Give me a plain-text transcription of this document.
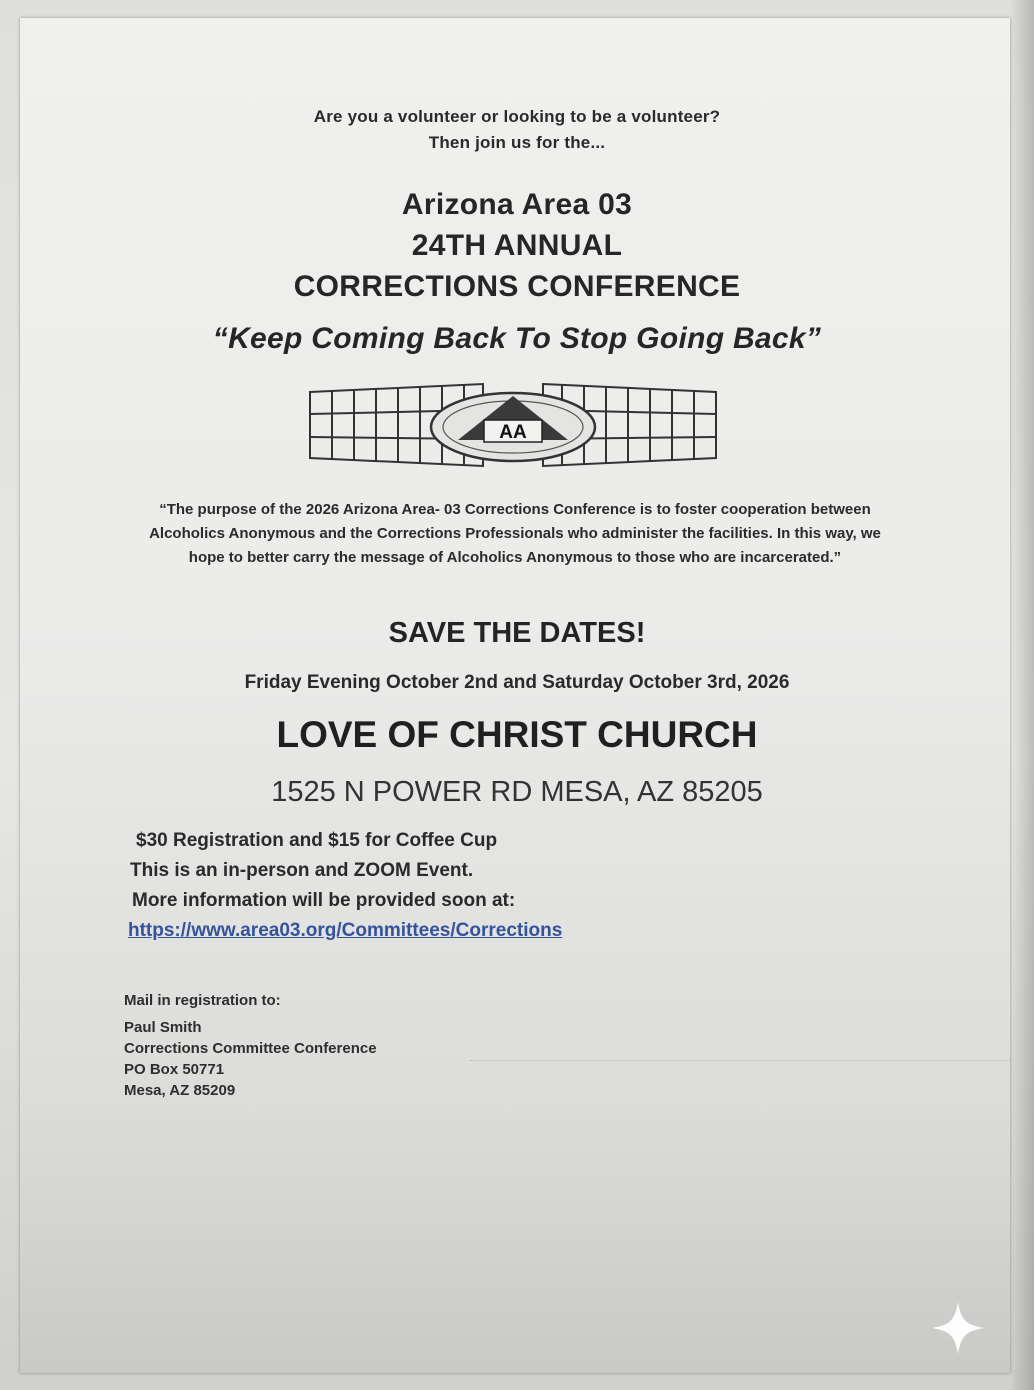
Are you a volunteer or looking to be a volunteer?
Then join us for the...
Arizona Area 03
24TH ANNUAL
CORRECTIONS CONFERENCE
“Keep Coming Back To Stop Going Back”
AA
“The purpose of the 2026 Arizona Area- 03 Corrections Conference is to foster cooperation between Alcoholics Anonymous and the Corrections Professionals who administer the facilities. In this way, we hope to better carry the message of Alcoholics Anonymous to those who are incarcerated.”
SAVE THE DATES!
Friday Evening October 2nd and Saturday October 3rd, 2026
LOVE OF CHRIST CHURCH
1525 N POWER RD MESA, AZ 85205
$30 Registration and $15 for Coffee Cup
This is an in-person and ZOOM Event.
More information will be provided soon at:
https://www.area03.org/Committees/Corrections
Mail in registration to:
Paul Smith
Corrections Committee Conference
PO Box 50771
Mesa, AZ 85209
